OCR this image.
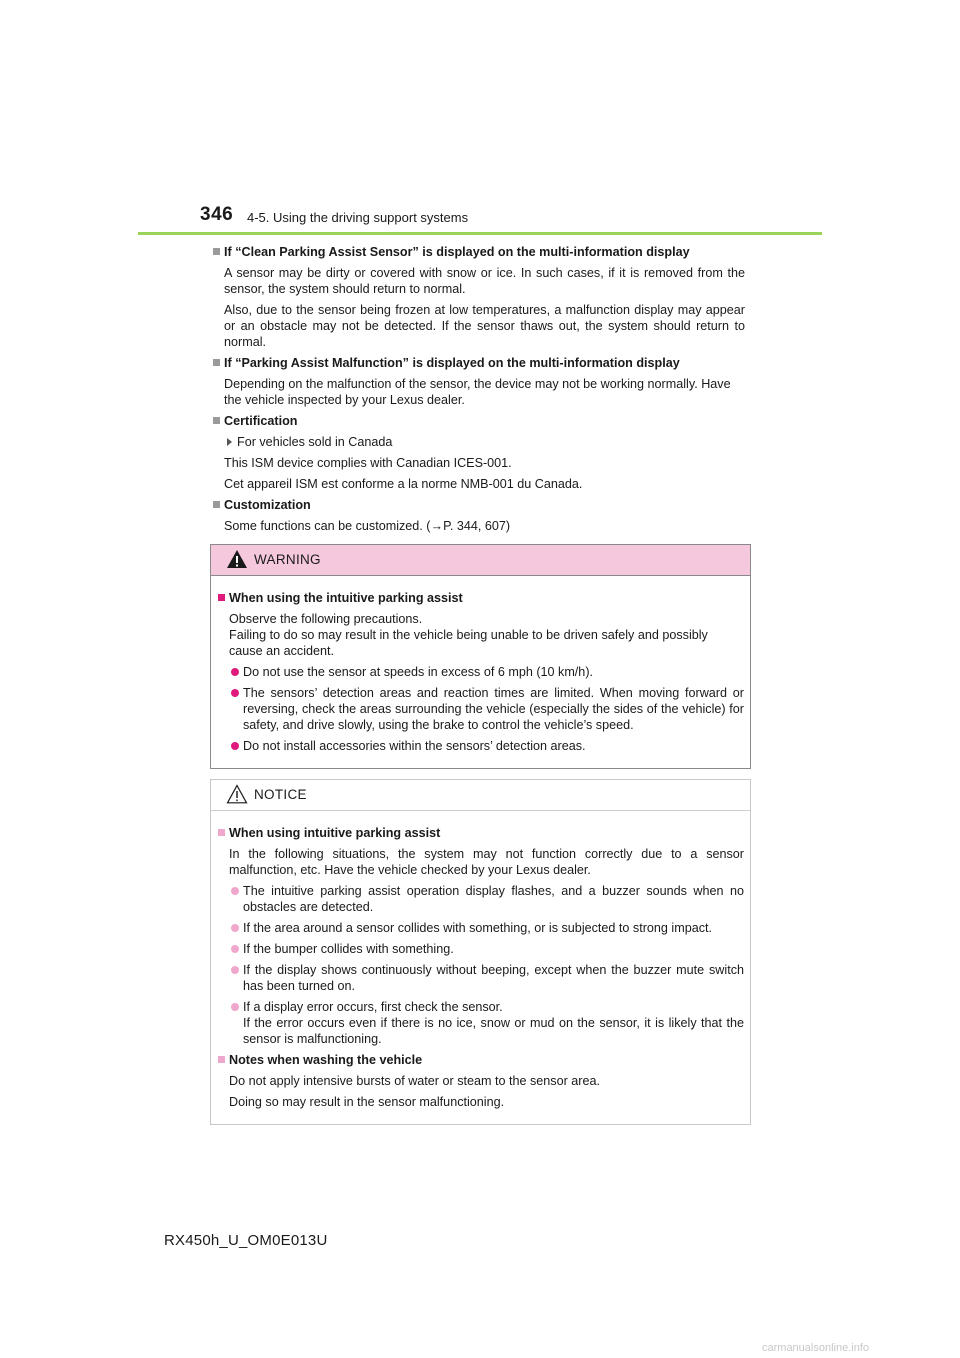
346 4-5. Using the driving support systems
If “Clean Parking Assist Sensor” is displayed on the multi-information display
A sensor may be dirty or covered with snow or ice. In such cases, if it is removed from the sensor, the system should return to normal.
Also, due to the sensor being frozen at low temperatures, a malfunction display may appear or an obstacle may not be detected. If the sensor thaws out, the system should return to normal.
If “Parking Assist Malfunction” is displayed on the multi-information display
Depending on the malfunction of the sensor, the device may not be working normally. Have the vehicle inspected by your Lexus dealer.
Certification
For vehicles sold in Canada
This ISM device complies with Canadian ICES-001.
Cet appareil ISM est conforme a la norme NMB-001 du Canada.
Customization
Some functions can be customized. (→P. 344, 607)
WARNING
When using the intuitive parking assist
Observe the following precautions.
Failing to do so may result in the vehicle being unable to be driven safely and possibly cause an accident.
Do not use the sensor at speeds in excess of 6 mph (10 km/h).
The sensors’ detection areas and reaction times are limited. When moving forward or reversing, check the areas surrounding the vehicle (especially the sides of the vehicle) for safety, and drive slowly, using the brake to control the vehicle’s speed.
Do not install accessories within the sensors’ detection areas.
NOTICE
When using intuitive parking assist
In the following situations, the system may not function correctly due to a sensor malfunction, etc. Have the vehicle checked by your Lexus dealer.
The intuitive parking assist operation display flashes, and a buzzer sounds when no obstacles are detected.
If the area around a sensor collides with something, or is subjected to strong impact.
If the bumper collides with something.
If the display shows continuously without beeping, except when the buzzer mute switch has been turned on.
If a display error occurs, first check the sensor.
If the error occurs even if there is no ice, snow or mud on the sensor, it is likely that the sensor is malfunctioning.
Notes when washing the vehicle
Do not apply intensive bursts of water or steam to the sensor area.
Doing so may result in the sensor malfunctioning.
RX450h_U_OM0E013U
carmanualsonline.info
